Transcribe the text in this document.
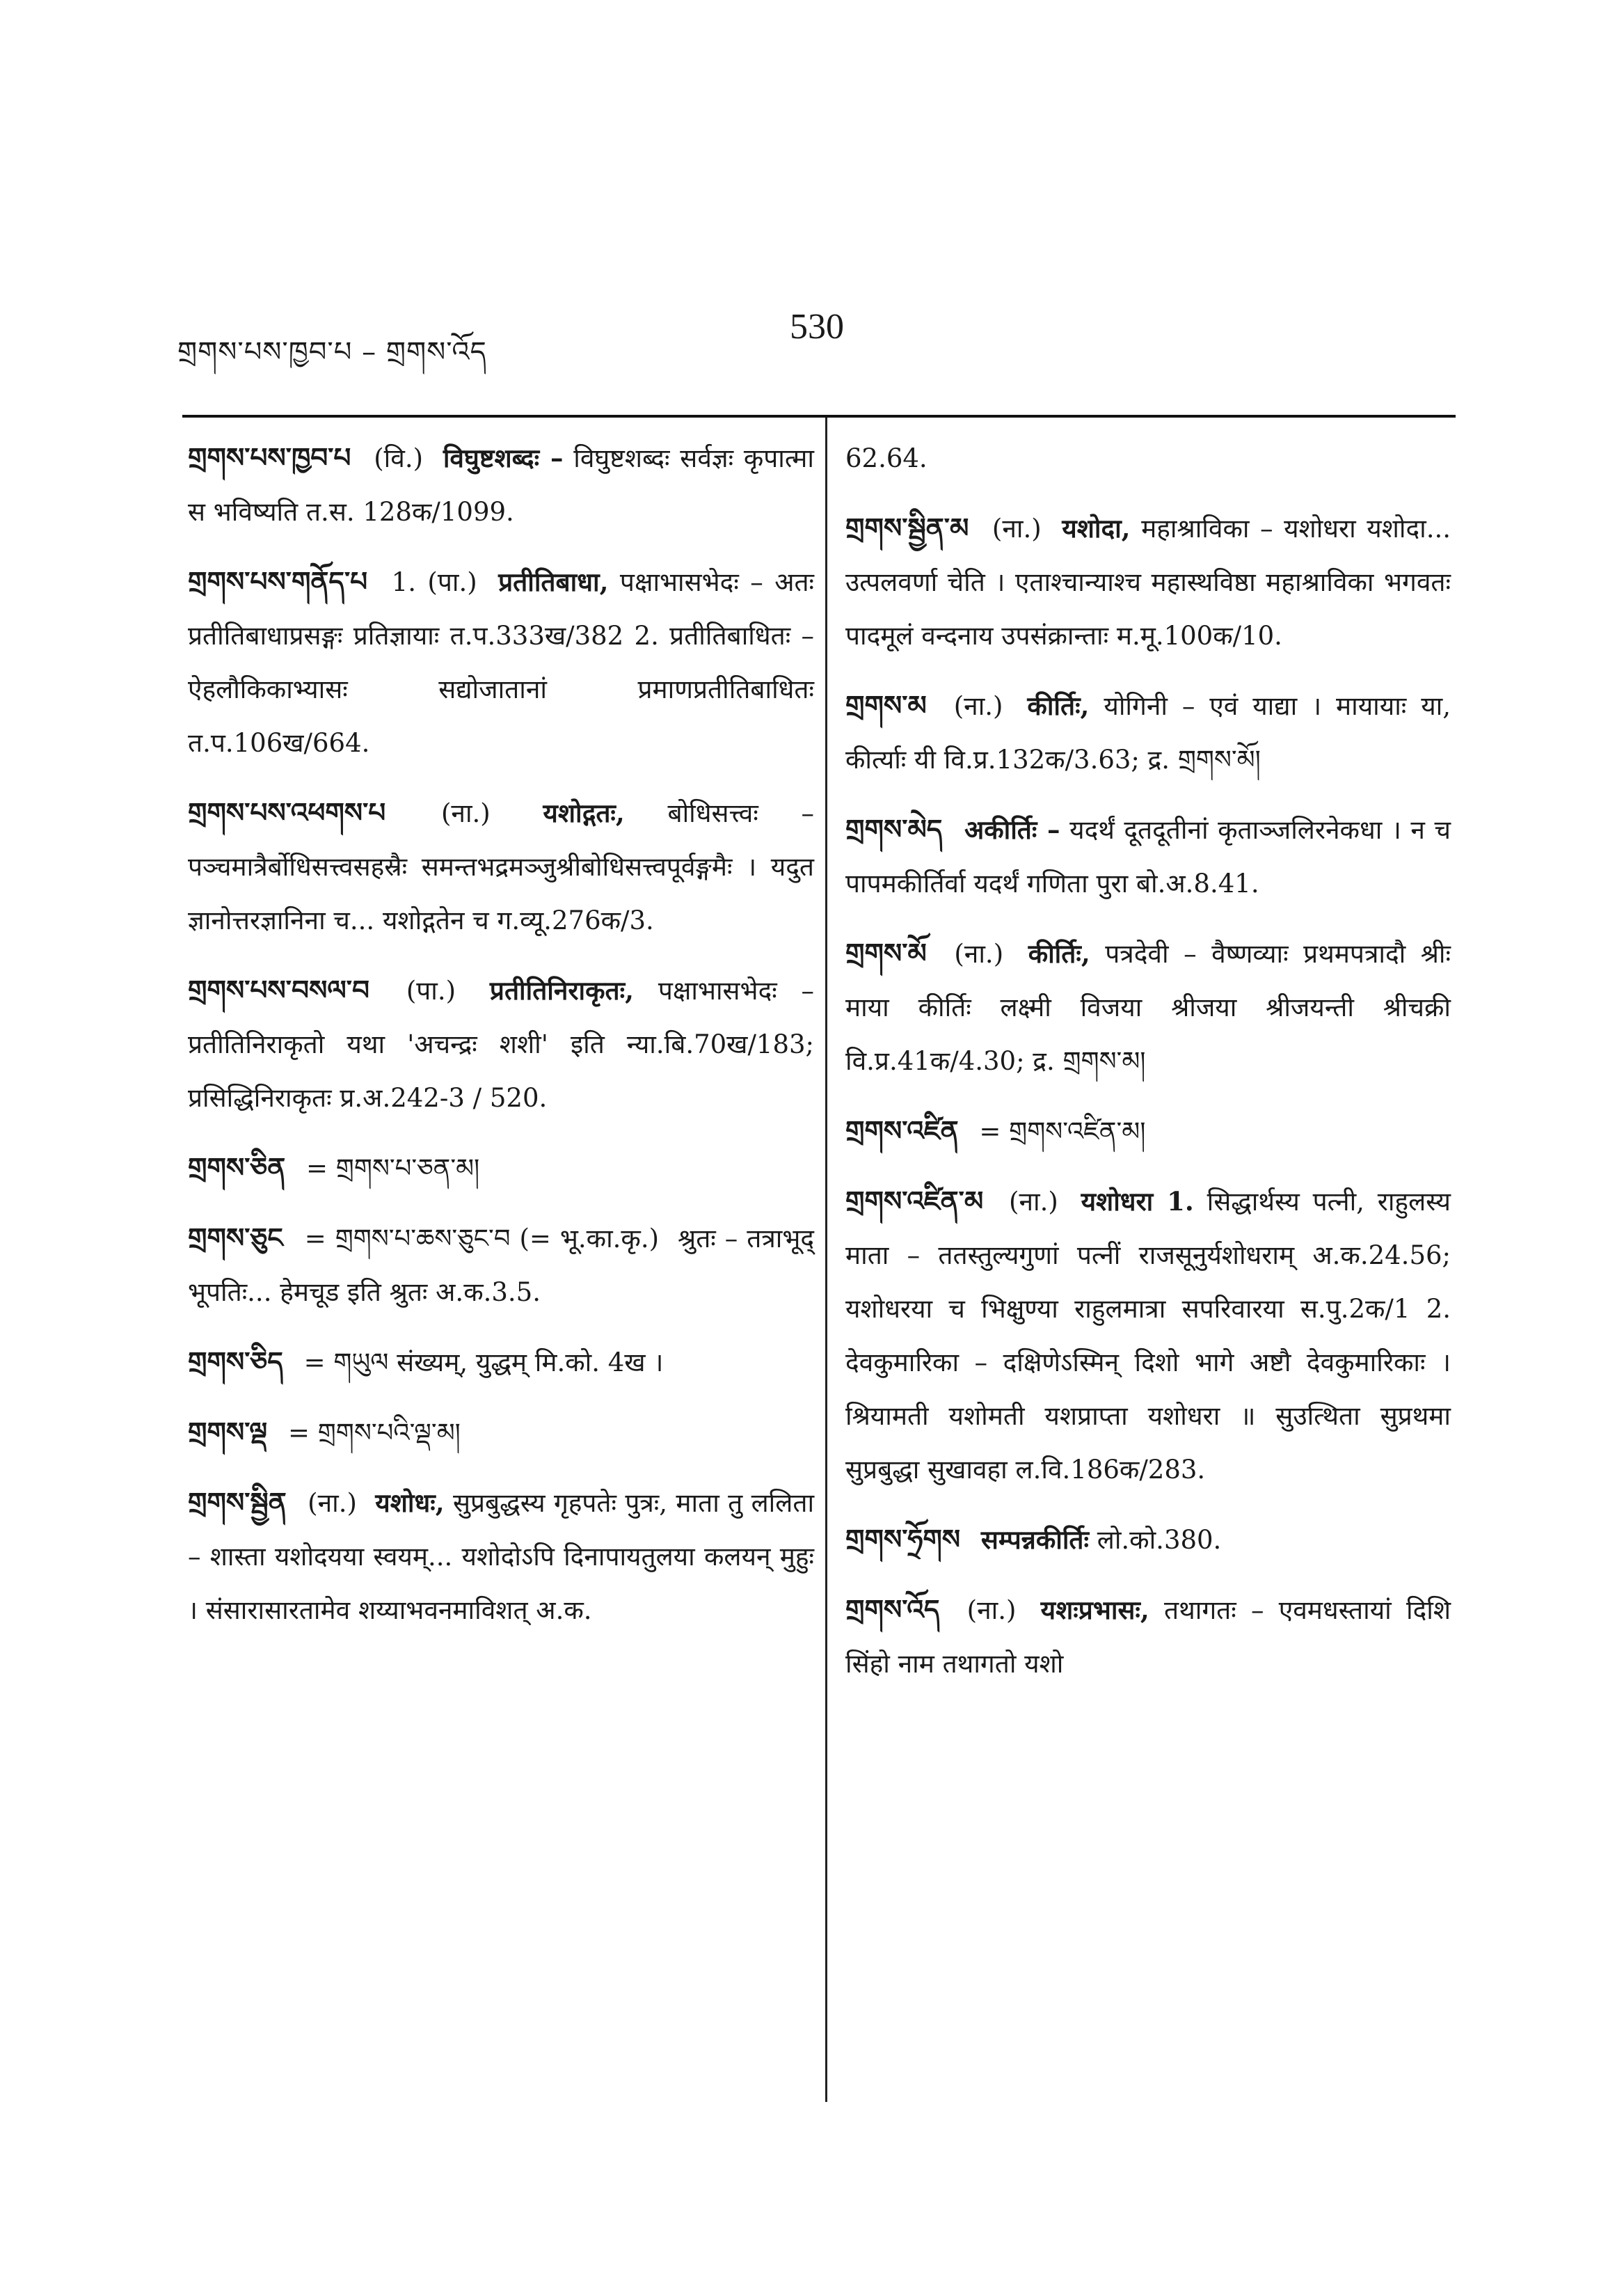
གྲགས་པས་ཁྱབ་པ – གྲགས་འོད
530

གྲགས་པས་ཁྱབ་པ (वि.) विघुष्टशब्दः – विघुष्टशब्दः सर्वज्ञः कृपात्मा स भविष्यति त.स. 128क/1099.

གྲགས་པས་གནོད་པ 1. (पा.) प्रतीतिबाधा, पक्षाभासभेदः – अतः प्रतीतिबाधाप्रसङ्गः प्रतिज्ञायाः त.प.333ख/382 2. प्रतीतिबाधितः – ऐहलौकिकाभ्यासः सद्योजातानां प्रमाणप्रतीतिबाधितः त.प.106ख/664.

གྲགས་པས་འཕགས་པ (ना.) यशोद्गतः, बोधिसत्त्वः – पञ्चमात्रैर्बोधिसत्त्वसहस्रैः समन्तभद्रमञ्जुश्रीबोधिसत्त्वपूर्वङ्गमैः । यदुत ज्ञानोत्तरज्ञानिना च... यशोद्गतेन च ग.व्यू.276क/3.

གྲགས་པས་བསལ་བ (पा.) प्रतीतिनिराकृतः, पक्षाभासभेदः – प्रतीतिनिराकृतो यथा 'अचन्द्रः शशी' इति न्या.बि.70ख/183; प्रसिद्धिनिराकृतः प्र.अ.242-3 / 520.

གྲགས་ཅིན = གྲགས་པ་ཅན་མ།

གྲགས་ཅུང = གྲགས་པ་ཆས་ཅུང་བ (= भू.का.कृ.) श्रुतः – तत्राभूद् भूपतिः... हेमचूड इति श्रुतः अ.क.3.5.

གྲགས་ཅིད = གཡུལ संख्यम्, युद्धम् मि.को. 4ख ।

གྲགས་ལྡ = གྲགས་པའི་ལྡ་མ།

གྲགས་སྦྱིན (ना.) यशोधः, सुप्रबुद्धस्य गृहपतेः पुत्रः, माता तु ललिता – शास्ता यशोदयया स्वयम्... यशोदोऽपि दिनापायतुलया कलयन् मुहुः । संसारासारतामेव शय्याभवनमाविशत् अ.क.

62.64.

གྲགས་སྦྱིན་མ (ना.) यशोदा, महाश्राविका – यशोधरा यशोदा... उत्पलवर्णा चेति । एताश्चान्याश्च महास्थविष्ठा महाश्राविका भगवतः पादमूलं वन्दनाय उपसंक्रान्ताः म.मू.100क/10.

གྲགས་མ (ना.) कीर्तिः, योगिनी – एवं याद्या । मायायाः या, कीर्त्याः यी वि.प्र.132क/3.63; द्र. གྲགས་མོ།

གྲགས་མེད अकीर्तिः – यदर्थं दूतदूतीनां कृताञ्जलिरनेकधा । न च पापमकीर्तिर्वा यदर्थं गणिता पुरा बो.अ.8.41.

གྲགས་མོ (ना.) कीर्तिः, पत्रदेवी – वैष्णव्याः प्रथमपत्रादौ श्रीः माया कीर्तिः लक्ष्मी विजया श्रीजया श्रीजयन्ती श्रीचक्री वि.प्र.41क/4.30; द्र. གྲགས་མ།

གྲགས་འཛིན = གྲགས་འཛིན་མ།

གྲགས་འཛིན་མ (ना.) यशोधरा 1. सिद्धार्थस्य पत्नी, राहुलस्य माता – ततस्तुल्यगुणां पत्नीं राजसूनुर्यशोधराम् अ.क.24.56; यशोधरया च भिक्षुण्या राहुलमात्रा सपरिवारया स.पु.2क/1 2. देवकुमारिका – दक्षिणेऽस्मिन् दिशो भागे अष्टौ देवकुमारिकाः । श्रियामती यशोमती यशप्राप्ता यशोधरा ॥ सुउत्थिता सुप्रथमा सुप्रबुद्धा सुखावहा ल.वि.186क/283.

གྲགས་ཧྲོགས सम्पन्नकीर्तिः लो.को.380.

གྲགས་འོད (ना.) यशःप्रभासः, तथागतः – एवमधस्तायां दिशि सिंहो नाम तथागतो यशो
